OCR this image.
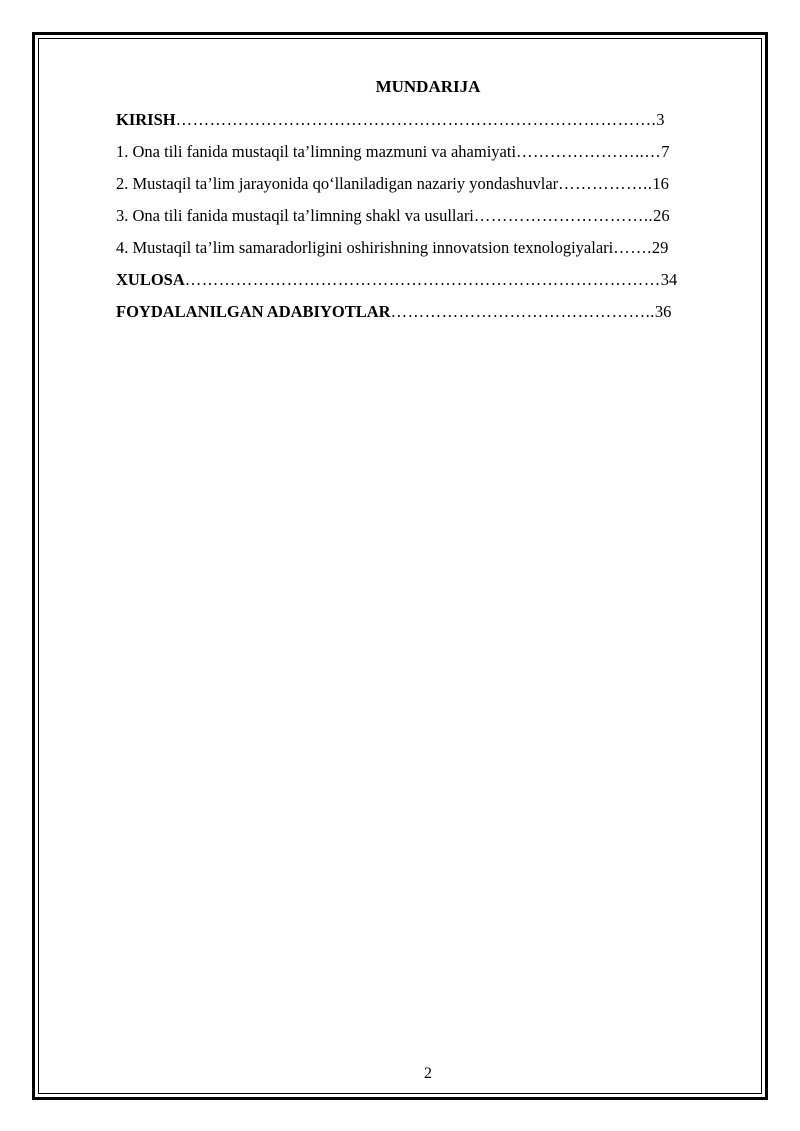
MUNDARIJA
KIRISH………………………………………………………………………….3
1. Ona tili fanida mustaqil ta’limning mazmuni va ahamiyati…………………..…7
2. Mustaqil ta’lim jarayonida qo‘llaniladigan nazariy yondashuvlar……………..16
3. Ona tili fanida mustaqil ta’limning shakl va usullari…………………………..26
4. Mustaqil ta’lim samaradorligini oshirishning innovatsion texnologiyalari…….29
XULOSA…………………………………………………………………………34
FOYDALANILGAN ADABIYOTLAR………………………………………..36
2
